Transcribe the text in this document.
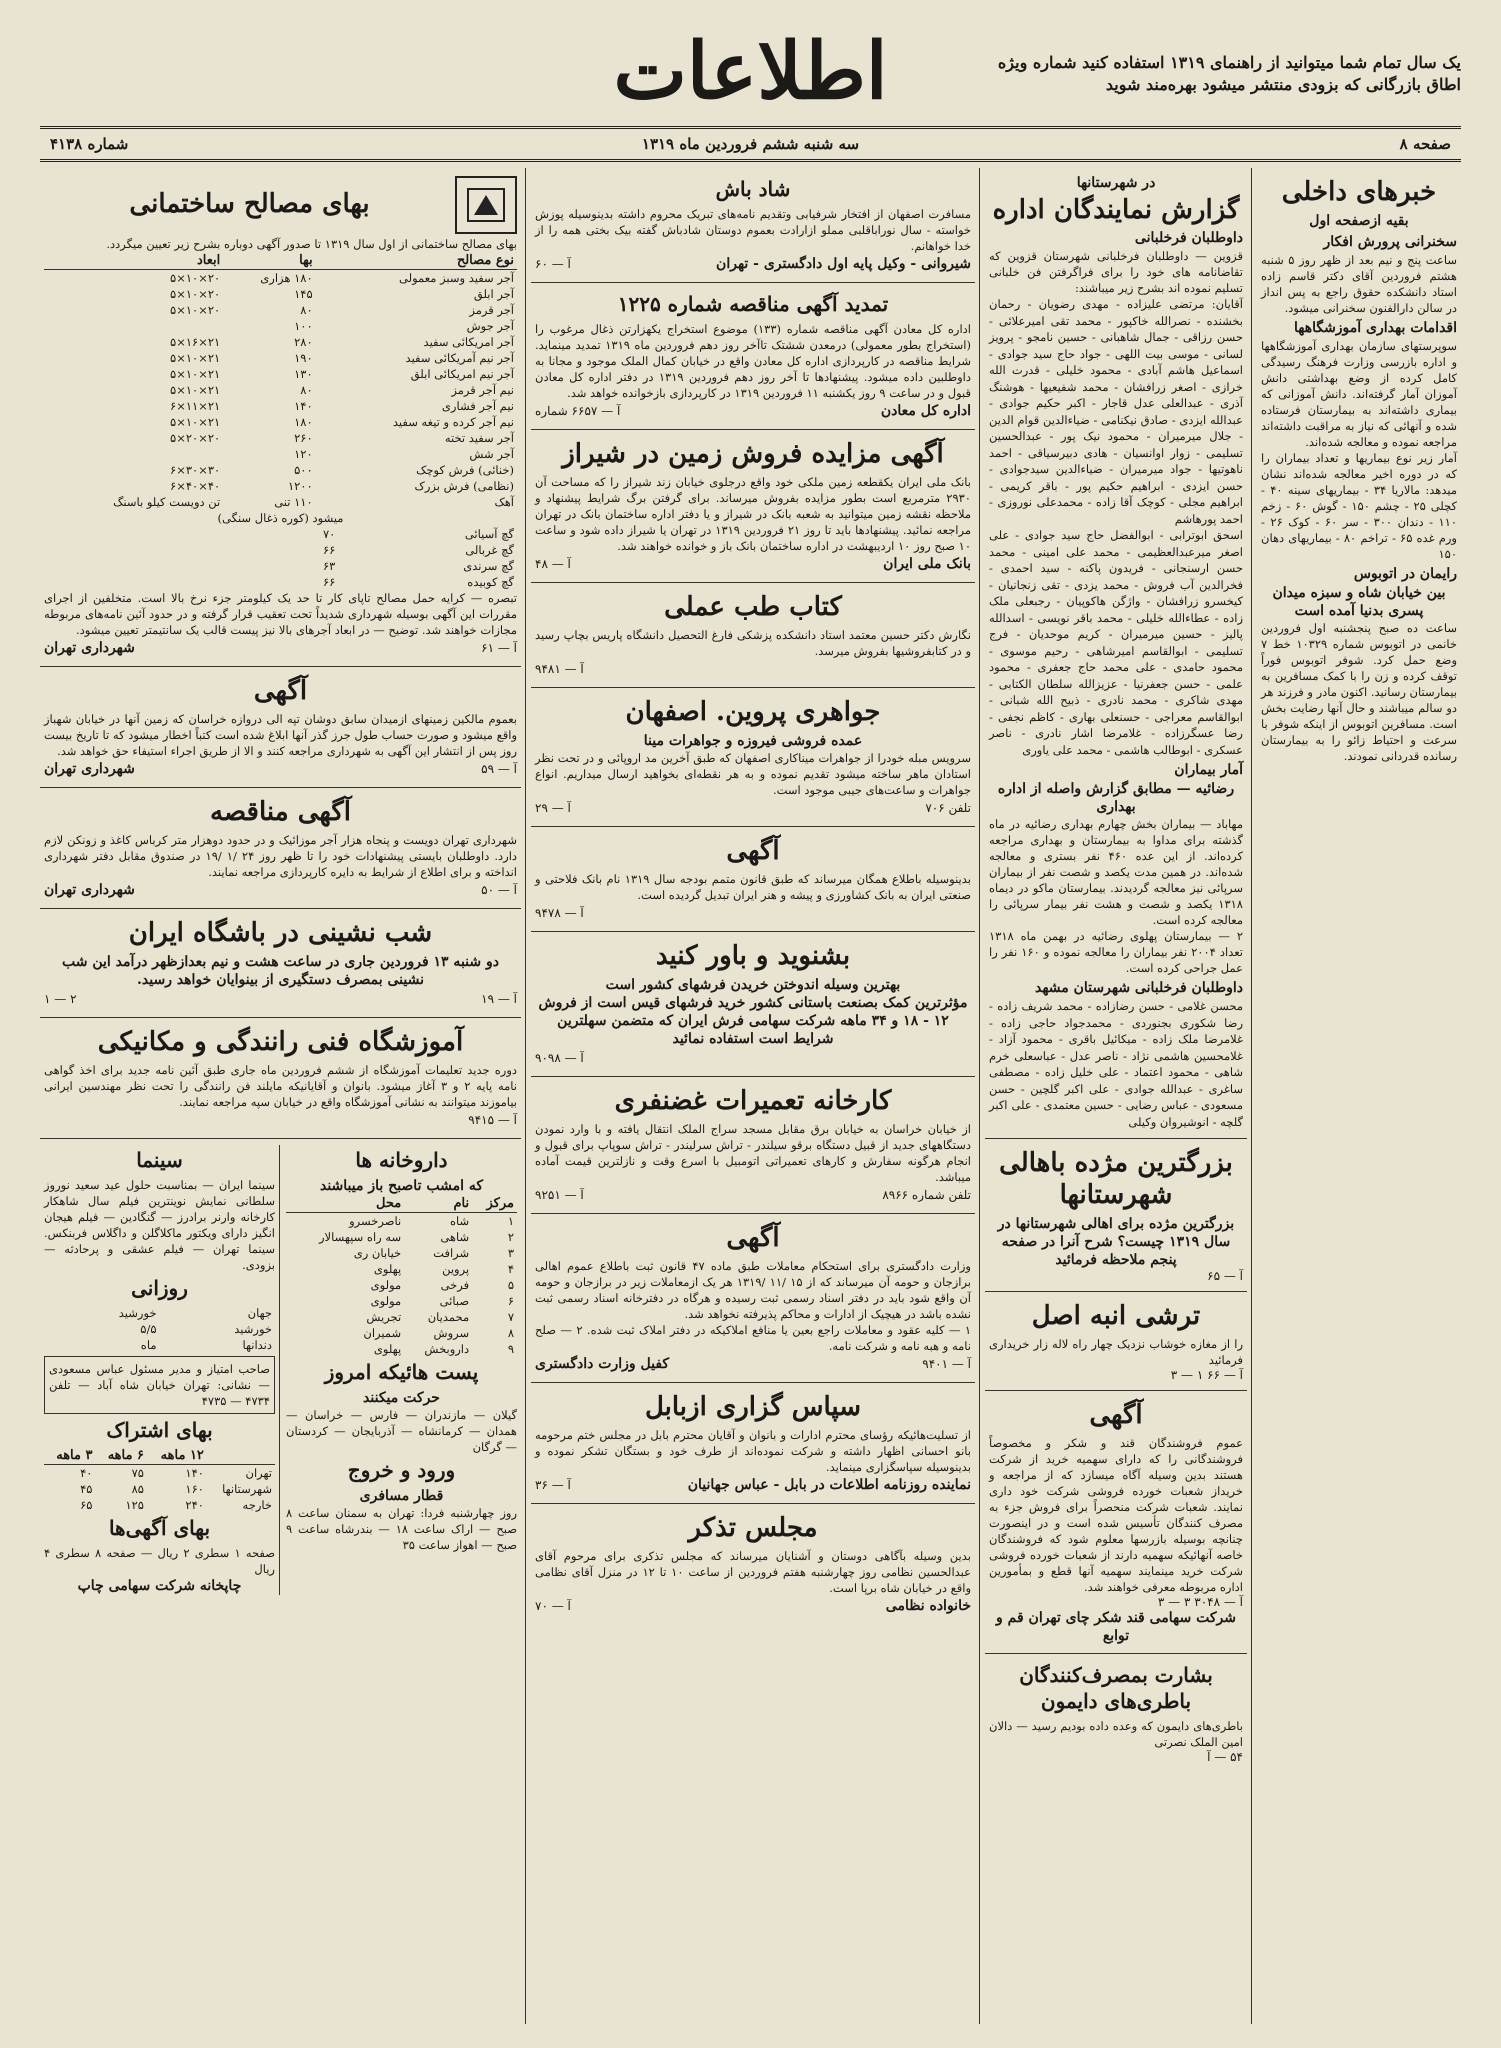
یک سال تمام شما میتوانید از راهنمای ۱۳۱۹ استفاده کنید شماره ویژه
اطاق بازرگانی که بزودی منتشر میشود بهره‌مند شوید
اطلاعات
صفحه ۸
سه شنبه ششم فروردین ماه ۱۳۱۹
شماره ۴۱۳۸
خبرهای داخلی
بقیه ازصفحه اول
سخنرانی پرورش افکار
ساعت پنج و نیم بعد از ظهر روز ۵ شنبه هشتم فروردین آقای دکتر قاسم زاده استاد دانشکده حقوق راجع به پس انداز در سالن دارالفنون سخنرانی میشود.
اقدامات بهداری آموزشگاهها
سوپرستهای سازمان بهداری آموزشگاهها و اداره بازرسی وزارت فرهنگ رسیدگی کامل کرده از وضع بهداشتی دانش آموزان آمار گرفته‌اند. دانش آموزانی که بیماری داشته‌اند به بیمارستان فرستاده شده و آنهائی که نیاز به مراقبت داشته‌اند مراجعه نموده و معالجه شده‌اند.
آمار زیر نوع بیماریها و تعداد بیماران را که در دوره اخیر معالجه شده‌اند نشان میدهد: مالاریا ۳۴ - بیماریهای سینه ۴۰ - کچلی ۲۵ - چشم ۱۵۰ - گوش ۶۰ - زخم ۱۱۰ - دندان ۳۰۰ - سر ۶۰ - کوک ۲۶ - ورم غده ۶۵ - تراخم ۸۰ - بیماریهای دهان ۱۵۰
رایمان در اتوبوس
بین خیابان شاه و سبزه میدان پسری بدنیا آمده است
ساعت ده صبح پنجشنبه اول فروردین خانمی در اتوبوس شماره ۱۰۳۲۹ خط ۷ وضع حمل کرد. شوفر اتوبوس فوراً توقف کرده و زن را با کمک مسافرین به بیمارستان رسانید. اکنون مادر و فرزند هر دو سالم میباشند و حال آنها رضایت بخش است. مسافرین اتوبوس از اینکه شوفر با سرعت و احتیاط زائو را به بیمارستان رسانده قدردانی نمودند.
در شهرستانها
گزارش نمایندگان اداره
داوطلبان فرخلبانی
قزوین — داوطلبان فرخلبانی شهرستان قزوین که تقاضانامه های خود را برای فراگرفتن فن خلبانی تسلیم نموده اند بشرح زیر میباشند:
آقایان: مرتضی علیزاده - مهدی رضویان - رحمان بخشنده - نصرالله خاکپور - محمد تقی امیرعلائی - حسن رزاقی - جمال شاهبانی - حسین نامجو - پرویز لسانی - موسی بیت اللهی - جواد حاج سید جوادی - اسماعیل هاشم آبادی - محمود خلیلی - قدرت الله خرازی - اصغر زرافشان - محمد شفیعیها - هوشنگ آذری - عبدالعلی عدل قاجار - اکبر حکیم جوادی - عبدالله ایزدی - صادق نیکنامی - ضیاءالدین قوام الدین - جلال میرمیران - محمود نیک پور - عبدالحسین تسلیمی - زوار اوانسیان - هادی دبیرسیاقی - احمد ناهوتیها - جواد میرمیران - ضیاءالدین سیدجوادی - حسن ایزدی - ابراهیم حکیم پور - باقر کریمی - ابراهیم مجلی - کوچک آقا زاده - محمدعلی نوروزی - احمد پورهاشم
اسحق ابوترابی - ابوالفضل حاج سید جوادی - علی اصغر میرعبدالعظیمی - محمد علی امینی - محمد حسن ارسنجانی - فریدون پاکنه - سید احمدی - فخرالدین آب فروش - محمد یزدی - تقی زنجانیان - کیخسرو زرافشان - واژگن هاکوپیان - رجبعلی ملک زاده - عطاءالله خلیلی - محمد باقر نویسی - اسدالله پالیز - حسین میرمیران - کریم موحدیان - فرج تسلیمی - ابوالقاسم امیرشاهی - رحیم موسوی - محمود حامدی - علی محمد حاج جعفری - محمود علمی - حسن جعفرنیا - عزیزالله سلطان الکتابی - مهدی شاکری - محمد نادری - ذبیح الله شبانی - ابوالقاسم معراجی - حسنعلی بهاری - کاظم نجفی - رضا عسگرزاده - غلامرضا اشار نادری - ناصر عسکری - ابوطالب هاشمی - محمد علی یاوری
آمار بیماران
رضائیه — مطابق گزارش واصله از اداره بهداری
مهاباد — بیماران بخش چهارم بهداری رضائیه در ماه گذشته برای مداوا به بیمارستان و بهداری مراجعه کرده‌اند. از این عده ۴۶۰ نفر بستری و معالجه شده‌اند. در همین مدت یکصد و شصت نفر از بیماران سرپائی نیز معالجه گردیدند. بیمارستان ماکو در دیماه ۱۳۱۸ یکصد و شصت و هشت نفر بیمار سرپائی را معالجه کرده است.
۲ — بیمارستان پهلوی رضائیه در بهمن ماه ۱۳۱۸ تعداد ۲۰۰۴ نفر بیماران را معالجه نموده و ۱۶۰ نفر را عمل جراحی کرده است.
داوطلبان فرخلبانی شهرستان مشهد
محسن غلامی - حسن رضازاده - محمد شریف زاده - رضا شکوری بجنوردی - محمدجواد حاجی زاده - غلامرضا ملک زاده - میکائیل باقری - محمود آزاد - غلامحسین هاشمی نژاد - ناصر عدل - عباسعلی خرم شاهی - محمود اعتماد - علی خلیل زاده - مصطفی ساغری - عبدالله جوادی - علی اکبر گلچین - حسن مسعودی - عباس رضایی - حسین معتمدی - علی اکبر گلچه - انوشیروان وکیلی
بزرگترین مژده باهالی شهرستانها
بزرگترین مژده برای اهالی شهرستانها در سال ۱۳۱۹ چیست؟ شرح آنرا در صفحه پنجم ملاحظه فرمائید
آ — ۶۵
ترشی انبه اصل
را از مغازه خوشاب نزدیک چهار راه لاله زار خریداری فرمائید
آ — ۶۶ ۱ — ۳
آگهی
عموم فروشندگان قند و شکر و مخصوصاً فروشندگانی را که دارای سهمیه خرید از شرکت هستند بدین وسیله آگاه میسازد که از مراجعه و خریداز شعبات خورده فروشی شرکت خود داری نمایند. شعبات شرکت منحصراً برای فروش جزء به مصرف کنندگان تأسیس شده است و در اینصورت چنانچه بوسیله بازرسها معلوم شود که فروشندگان خاصه آنهائیکه سهمیه دارند از شعبات خورده فروشی شرکت خرید مینمایند سهمیه آنها قطع و بمأمورین اداره مربوطه معرفی خواهند شد.
آ — ۳۰۴۸ ۳ — ۳
شرکت سهامی قند شکر چای تهران قم و توابع
بشارت بمصرف‌کنندگان باطری‌های دایمون
باطری‌های دایمون که وعده داده بودیم رسید — دالان امین الملک نصرتی
۵۴ — آ
شاد باش
مسافرت اصفهان از افتخار شرفیابی وتقدیم نامه‌های تبریک محروم داشته بدینوسیله پوزش خواسته - سال نوراباقلبی مملو ازارادت بعموم دوستان شادباش گفته بیک بختی همه را از خدا خواهانم.
شیروانی - وکیل پایه اول دادگستری - تهران
آ — ۶۰
تمدید آگهی مناقصه شماره ۱۲۲۵
اداره کل معادن آگهی مناقصه شماره (۱۳۳) موضوع استخراج یکهزارتن ذغال مرغوب را (استخراج بطور معمولی) درمعدن ششتک تاآخر روز دهم فروردین ماه ۱۳۱۹ تمدید مینماید. شرایط مناقصه در کارپردازی اداره کل معادن واقع در خیابان کمال الملک موجود و مجانا به داوطلبین داده میشود. پیشنهادها تا آخر روز دهم فروردین ۱۳۱۹ در دفتر اداره کل معادن قبول و در ساعت ۹ روز یکشنبه ۱۱ فروردین ۱۳۱۹ در کارپردازی بازخوانده خواهد شد.
اداره کل معادن
آ — ۶۶۵۷ شماره
آگهی مزایده فروش زمین در شیراز
بانک ملی ایران یکقطعه زمین ملکی خود واقع درجلوی خیابان زند شیراز را که مساحت آن ۲۹۳۰ مترمربع است بطور مزایده بفروش میرساند. برای گرفتن برگ شرایط پیشنهاد و ملاحظه نقشه زمین میتوانید به شعبه بانک در شیراز و یا دفتر اداره ساختمان بانک در تهران مراجعه نمائید. پیشنهادها باید تا روز ۲۱ فروردین ۱۳۱۹ در تهران یا شیراز داده شود و ساعت ۱۰ صبح روز ۱۰ اردیبهشت در اداره ساختمان بانک باز و خوانده خواهند شد.
بانک ملی ایران
آ — ۴۸
کتاب طب عملی
نگارش دکتر حسین معتمد استاد دانشکده پزشکی فارغ التحصیل دانشگاه پاریس بچاپ رسید و در کتابفروشیها بفروش میرسد.
آ — ۹۴۸۱
جواهری پروین. اصفهان
عمده فروشی فیروزه و جواهرات مینا
سرویس مبله خودرا از جواهرات میناکاری اصفهان که طبق آخرین مد اروپائی و در تحت نظر استادان ماهر ساخته میشود تقدیم نموده و به هر نقطه‌ای بخواهید ارسال میداریم. انواع جواهرات و ساعت‌های جیبی موجود است.
تلفن ۷۰۶
آ — ۲۹
آگهی
بدینوسیله باطلاع همگان میرساند که طبق قانون متمم بودجه سال ۱۳۱۹ نام بانک فلاحتی و صنعتی ایران به بانک کشاورزی و پیشه و هنر ایران تبدیل گردیده است.
آ — ۹۴۷۸
بشنوید و باور کنید
بهترین وسیله اندوختن خریدن فرشهای کشور است
مؤثرترین کمک بصنعت باستانی کشور خرید فرشهای قیس است از فروش ۱۲ - ۱۸ و ۳۴ ماهه شرکت سهامی فرش ایران که متضمن سهلترین شرایط است استفاده نمائید
آ — ۹۰۹۸
کارخانه تعمیرات غضنفری
از خیابان خراسان به خیابان برق مقابل مسجد سراج الملک انتقال یافته و با وارد نمودن دستگاههای جدید از قبیل دستگاه برقو سیلندر - تراش سرلیندر - تراش سوپاپ برای قبول و انجام هرگونه سفارش و کارهای تعمیراتی اتومبیل با اسرع وقت و نازلترین قیمت آماده میباشد.
تلفن شماره ۸۹۶۶
آ — ۹۲۵۱
آگهی
وزارت دادگستری برای استحکام معاملات طبق ماده ۴۷ قانون ثبت باطلاع عموم اهالی برازجان و حومه آن میرساند که از ۱۵ /۱۱ /۱۳۱۹ هر یک ازمعاملات زیر در برازجان و حومه آن واقع شود باید در دفتر اسناد رسمی ثبت رسیده و هرگاه در دفترخانه اسناد رسمی ثبت نشده باشد در هیچیک از ادارات و محاکم پذیرفته نخواهد شد.
۱ — کلیه عقود و معاملات راجع بعین یا منافع املاکیکه در دفتر املاک ثبت شده. ۲ — صلح نامه و هبه نامه و شرکت نامه.
آ — ۹۴۰۱
کفیل وزارت دادگستری
سپاس گزاری ازبابل
از تسلیت‌هائیکه رؤسای محترم ادارات و بانوان و آقایان محترم بابل در مجلس ختم مرحومه بانو احسانی اظهار داشته و شرکت نموده‌اند از طرف خود و بستگان تشکر نموده و بدینوسیله سپاسگزاری مینماید.
نماینده روزنامه اطلاعات در بابل - عباس جهانیان
آ — ۳۶
مجلس تذکر
بدین وسیله بآگاهی دوستان و آشنایان میرساند که مجلس تذکری برای مرحوم آقای عبدالحسین نظامی روز چهارشنبه هفتم فروردین از ساعت ۱۰ تا ۱۲ در منزل آقای نظامی واقع در خیابان شاه برپا است.
خانواده نظامی
آ — ۷۰
بهای مصالح ساختمانی
بهای مصالح ساختمانی از اول سال ۱۳۱۹ تا صدور آگهی دوباره بشرح زیر تعیین میگردد.
نوع مصالح	بها	ابعاد
آجر سفید وسبز معمولی	۱۸۰ هزاری	۲۰×۱۰×۵
آجر ابلق	۱۴۵	۲۰×۱۰×۵
آجر قرمز	۸۰	۲۰×۱۰×۵
آجر جوش	۱۰۰	
آجر امریکائی سفید	۲۸۰	۲۱×۱۶×۵
آجر نیم آمریکائی سفید	۱۹۰	۲۱×۱۰×۵
آجر نیم امریکائی ابلق	۱۳۰	۲۱×۱۰×۵
نیم آجر قرمز	۸۰	۲۱×۱۰×۵
نیم آجر فشاری	۱۴۰	۲۱×۱۱×۶
نیم آجر کرده و تیغه سفید	۱۸۰	۲۱×۱۰×۵
آجر سفید تخته	۲۶۰	۲۰×۲۰×۵
آجر شش	۱۲۰	
(خنائی) فرش کوچک	۵۰۰	۳۰×۳۰×۶
(نظامی) فرش بزرک	۱۲۰۰	۴۰×۴۰×۶
آهک	۱۱۰ تنی	تن دویست کیلو باسنگ
میشود (کوره ذغال سنگی)
گچ آسیائی	۷۰
گچ غربالی	۶۶
گچ سرندی	۶۳
گچ کوبیده	۶۶
تبصره — کرایه حمل مصالح تاپای کار تا حد یک کیلومتر جزء نرخ بالا است. متخلفین از اجرای مقررات این آگهی بوسیله شهرداری شدیداً تحت تعقیب قرار گرفته و در حدود آئین نامه‌های مربوطه مجازات خواهند شد. توضیح — در ابعاد آجرهای بالا نیز پیست قالب یک سانتیمتر تعیین میشود.
آ — ۶۱
شهرداری تهران
آگهی
بعموم مالکین زمینهای ازمیدان سابق دوشان تپه الی دروازه خراسان که زمین آنها در خیابان شهباز واقع میشود و صورت حساب طول جرز گذر آنها ابلاغ شده است کتباً اخطار میشود که تا تاریخ بیست روز پس از انتشار این آگهی به شهرداری مراجعه کنند و الا از طریق اجراء استیفاء حق خواهد شد.
آ — ۵۹
شهرداری تهران
آگهی مناقصه
شهرداری تهران دویست و پنجاه هزار آجر موزائیک و در حدود دوهزار متر کرباس کاغذ و زونکن لازم دارد. داوطلبان بایستی پیشنهادات خود را تا ظهر روز ۲۴ /۱ /۱۹ در صندوق مقابل دفتر شهرداری انداخته و برای اطلاع از شرایط به دایره کارپردازی مراجعه نمایند.
آ — ۵۰
شهرداری تهران
شب نشینی در باشگاه ایران
دو شنبه ۱۳ فروردین جاری در ساعت هشت و نیم بعدازظهر درآمد این شب نشینی بمصرف دستگیری از بینوایان خواهد رسید.
آ — ۱۹
۲ — ۱
آموزشگاه فنی رانندگی و مکانیکی
دوره جدید تعلیمات آموزشگاه از ششم فروردین ماه جاری طبق آئین نامه جدید برای اخذ گواهی نامه پایه ۲ و ۳ آغاز میشود. بانوان و آقایانیکه مایلند فن رانندگی را تحت نظر مهندسین ایرانی بیاموزند میتوانند به نشانی آموزشگاه واقع در خیابان سپه مراجعه نمایند.
آ — ۹۴۱۵
داروخانه ها
که امشب تاصبح باز میباشند
مرکز	نام	محل
۱	شاه	ناصرخسرو
۲	شاهی	سه راه سپهسالار
۳	شرافت	خیابان ری
۴	پروین	پهلوی
۵	فرخی	مولوی
۶	صبائی	مولوی
۷	محمدیان	تجریش
۸	سروش	شمیران
۹	داروبخش	پهلوی
پست هائیکه امروز
حرکت میکنند
گیلان — مازندران — فارس — خراسان — همدان — کرمانشاه — آذربایجان — کردستان — گرگان
ورود و خروج
قطار مسافری
روز چهارشنبه فردا: تهران به سمنان ساعت ۸ صبح — اراک ساعت ۱۸ — بندرشاه ساعت ۹ صبح — اهواز ساعت ۳۵
سینما
سینما ایران — بمناسبت حلول عید سعید نوروز سلطانی نمایش نوینترین فیلم سال شاهکار کارخانه وارنر برادرز — گنگادین — فیلم هیجان انگیز دارای ویکتور ماکلاگلن و داگلاس فربنکس. سینما تهران — فیلم عشقی و پرحادثه — بزودی.
روزانی
جهان	خورشید
خورشید	۵/۵
دندانها	ماه
صاحب امتیاز و مدیر مسئول عباس مسعودی — نشانی: تهران خیابان شاه آباد — تلفن ۴۷۳۴ — ۴۷۳۵
بهای اشتراک
	۱۲ ماهه	۶ ماهه	۳ ماهه
تهران	۱۴۰	۷۵	۴۰
شهرستانها	۱۶۰	۸۵	۴۵
خارجه	۲۴۰	۱۲۵	۶۵
بهای آگهی‌ها
صفحه ۱ سطری ۲ ریال — صفحه ۸ سطری ۴ ریال
چاپخانه شرکت سهامی چاپ
